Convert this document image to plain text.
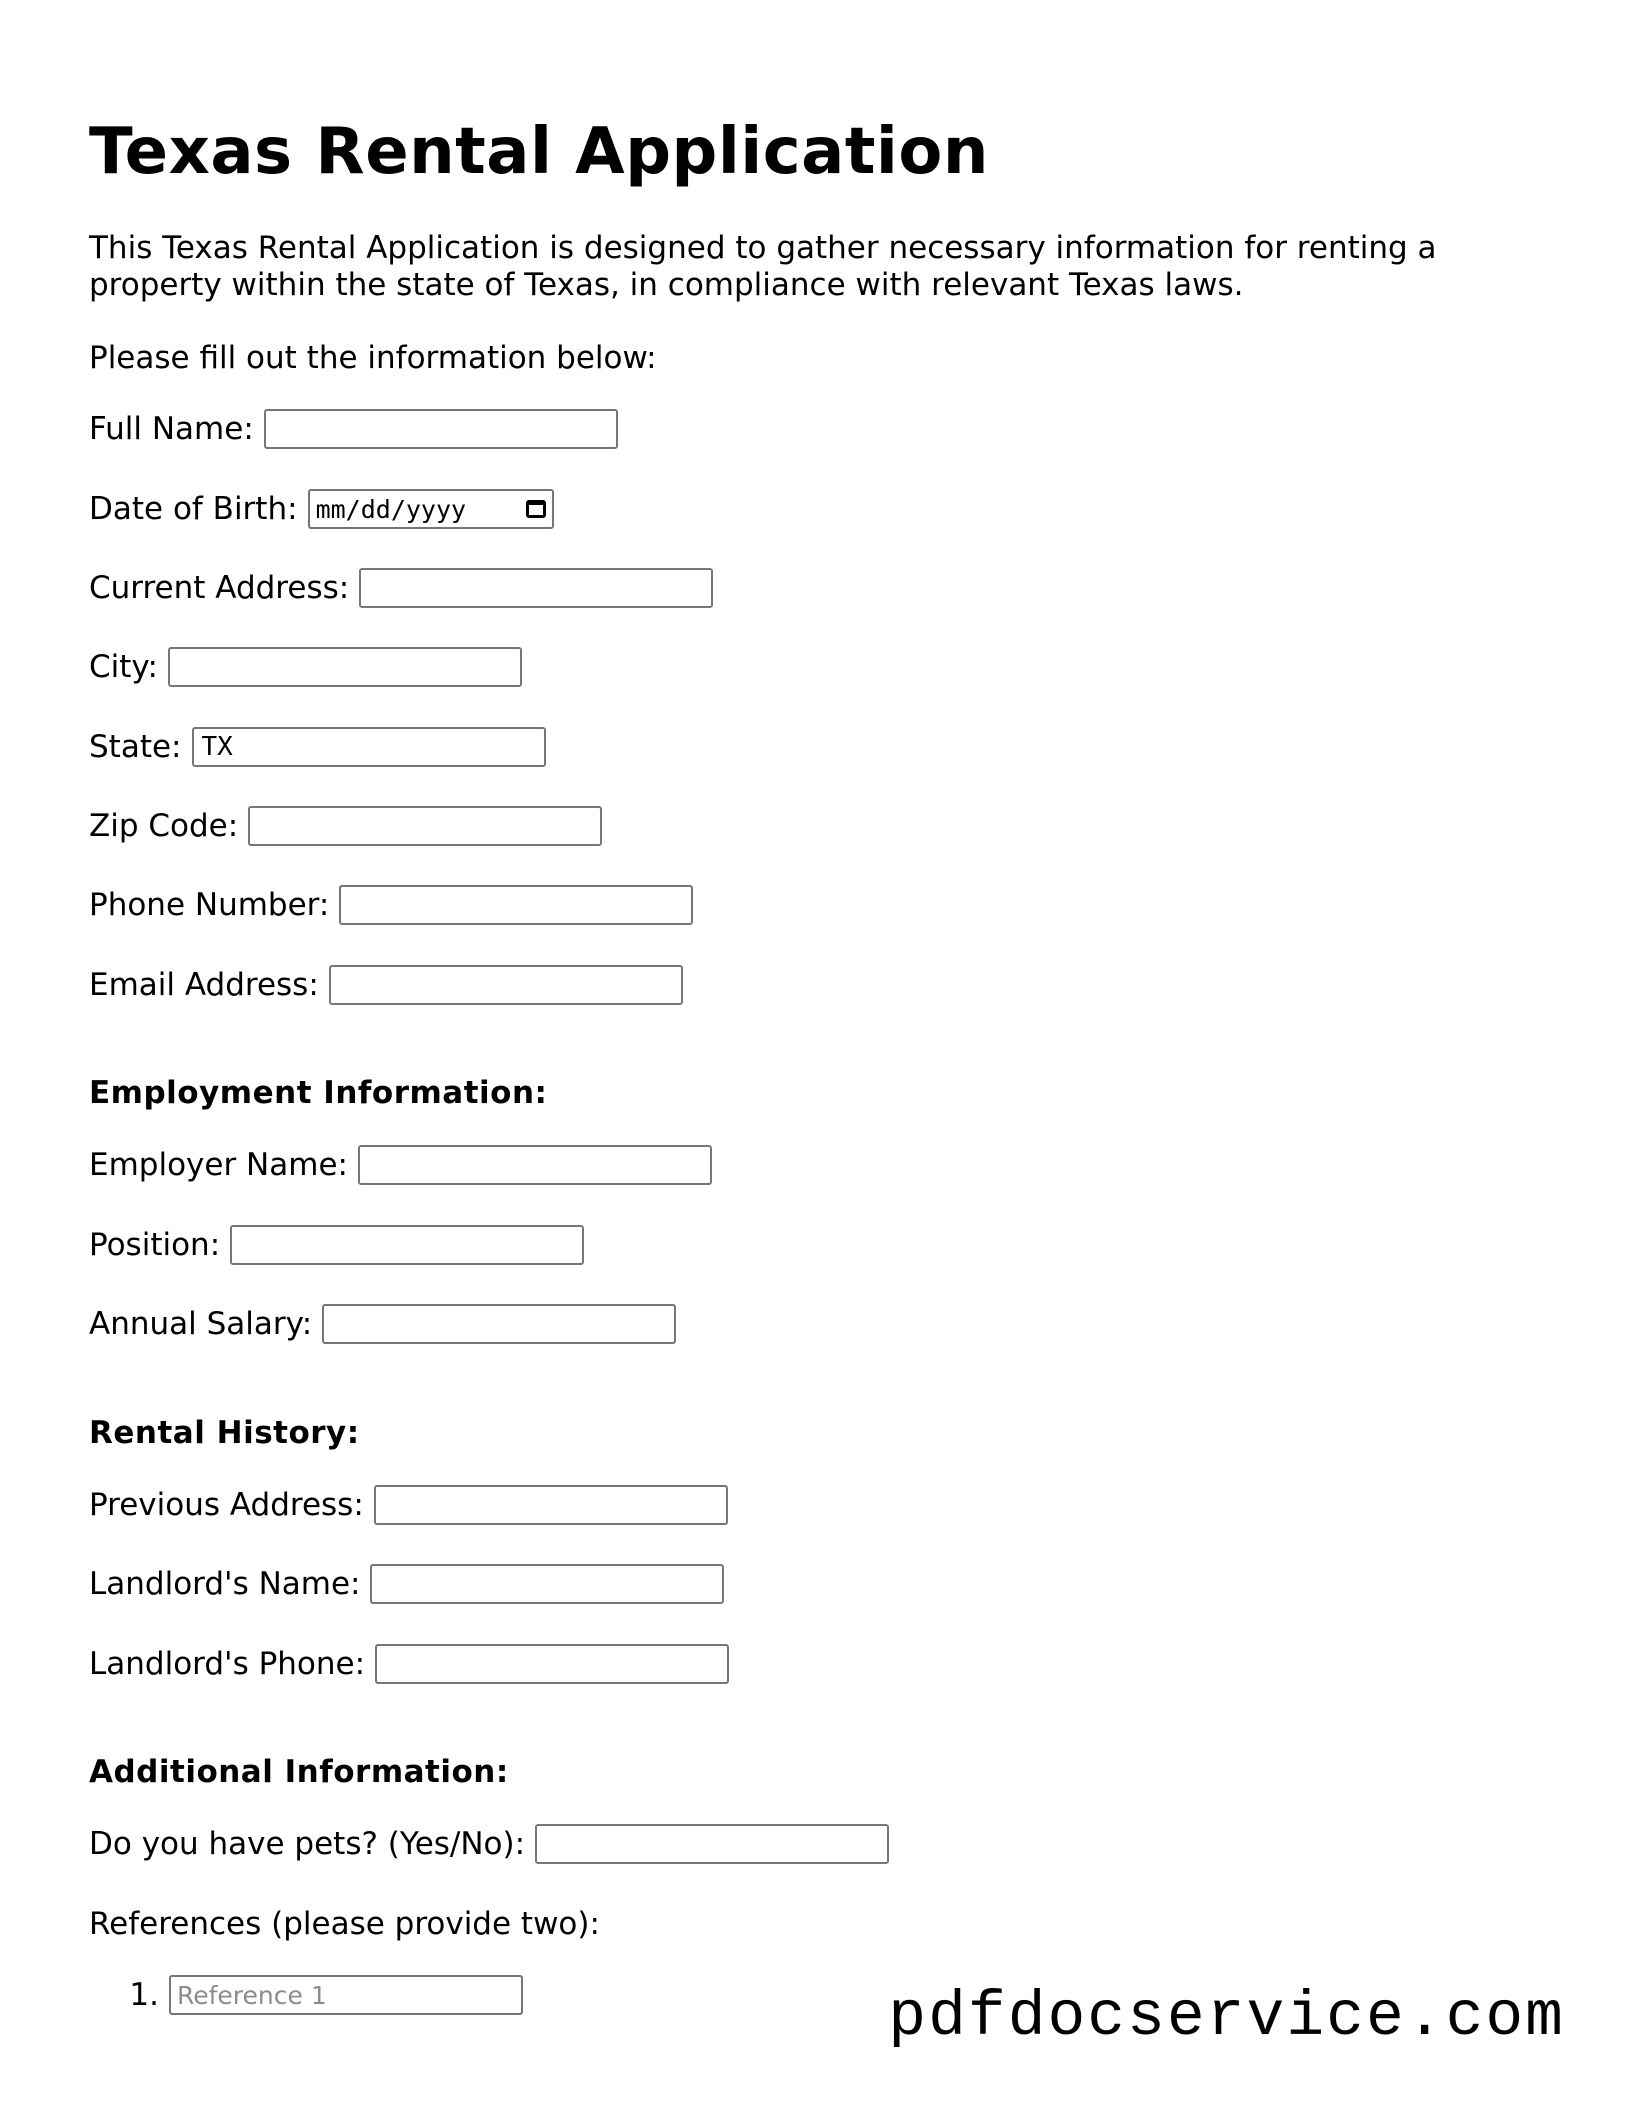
Texas Rental Application

This Texas Rental Application is designed to gather necessary information for renting a property within the state of Texas, in compliance with relevant Texas laws.

Please fill out the information below:

Full Name:
Date of Birth: mm/dd/yyyy
Current Address:
City:
State:
TX
Zip Code:
Phone Number:
Email Address:
Employment Information:
Employer Name:
Position:
Annual Salary:
Rental History:
Previous Address:
Landlord's Name:
Landlord's Phone:
Additional Information:
Do you have pets? (Yes/No):
References (please provide two):
1.
Reference 1	pdfdocservice.com
